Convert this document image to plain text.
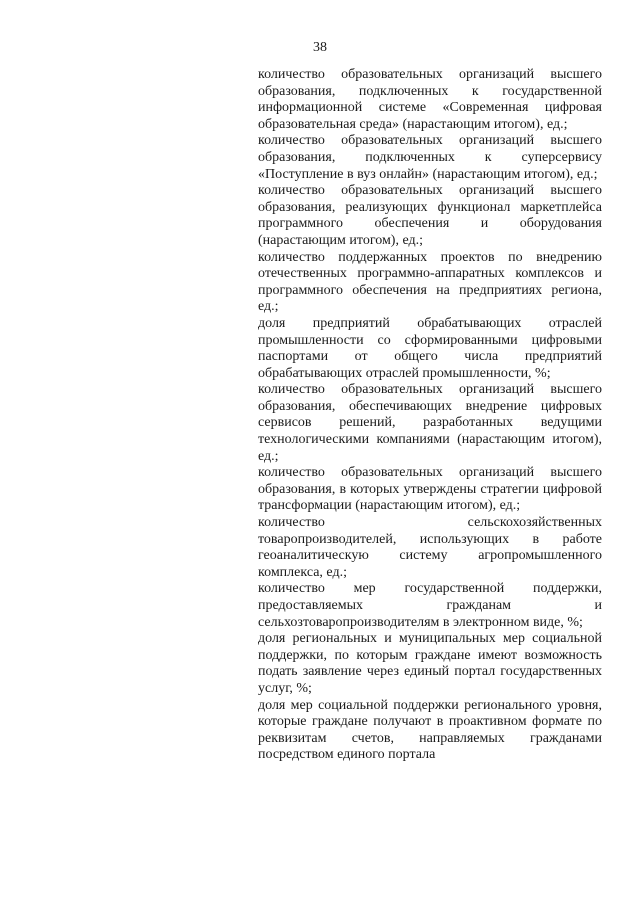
38

количество образовательных организаций высшего образования, подключенных к государственной информационной системе «Современная цифровая образовательная среда» (нарастающим итогом), ед.;

количество образовательных организаций высшего образования, подключенных к суперсервису «Поступление в вуз онлайн» (нарастающим итогом), ед.;

количество образовательных организаций высшего образования, реализующих функционал маркетплейса программного обеспечения и оборудования (нарастающим итогом), ед.;

количество поддержанных проектов по внедрению отечественных программно-аппаратных комплексов и программного обеспечения на предприятиях региона, ед.;

доля предприятий обрабатывающих отраслей промышленности со сформированными цифровыми паспортами от общего числа предприятий обрабатывающих отраслей промышленности, %;

количество образовательных организаций высшего образования, обеспечивающих внедрение цифровых сервисов решений, разработанных ведущими технологическими компаниями (нарастающим итогом), ед.;

количество образовательных организаций высшего образования, в которых утверждены стратегии цифровой трансформации (нарастающим итогом), ед.;

количество сельскохозяйственных товаропроизводителей, использующих в работе геоаналитическую систему агропромышленного комплекса, ед.;

количество мер государственной поддержки, предоставляемых гражданам и сельхозтоваропроизводителям в электронном виде, %;

доля региональных и муниципальных мер социальной поддержки, по которым граждане имеют возможность подать заявление через единый портал государственных услуг, %;

доля мер социальной поддержки регионального уровня, которые граждане получают в проактивном формате по реквизитам счетов, направляемых гражданами посредством единого портала
